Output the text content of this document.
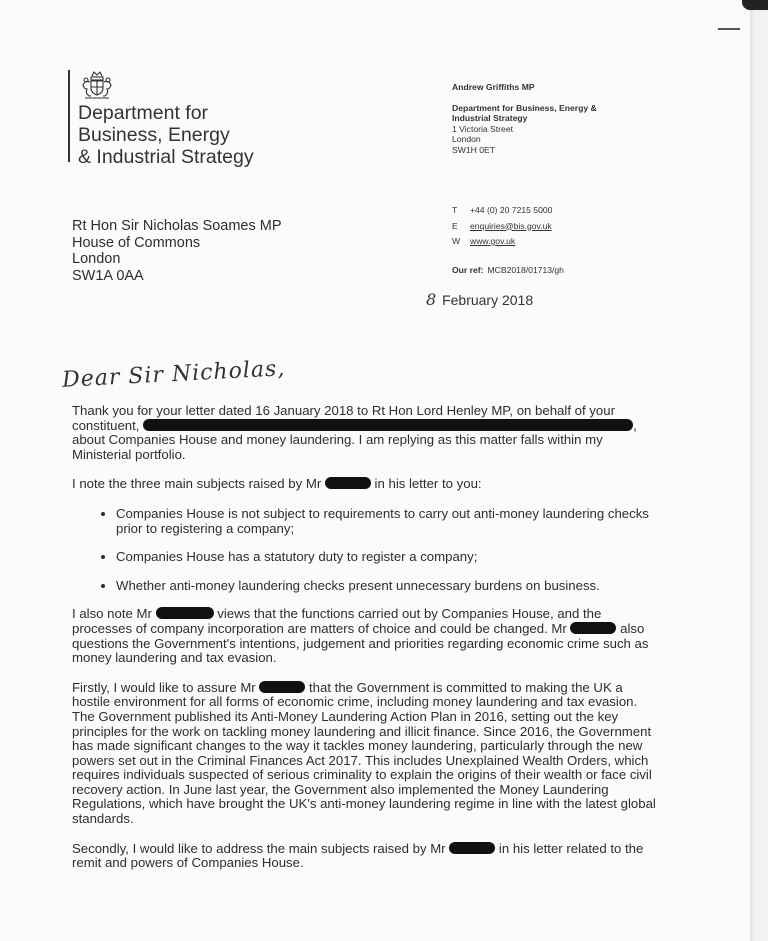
Department for
Business, Energy
& Industrial Strategy
Andrew Griffiths MP
Department for Business, Energy &
Industrial Strategy
1 Victoria Street
London
SW1H 0ET
T	+44 (0) 20 7215 5000
E	enquiries@bis.gov.uk
W	www.gov.uk
Our ref: MCB2018/01713/gh
8 February 2018
Rt Hon Sir Nicholas Soames MP
House of Commons
London
SW1A 0AA
Dear Sir Nicholas,

Thank you for your letter dated 16 January 2018 to Rt Hon Lord Henley MP, on behalf of your constituent,	, about Companies House and money laundering. I am replying as this matter falls within my Ministerial portfolio.

I note the three main subjects raised by Mr	in his letter to you:

• Companies House is not subject to requirements to carry out anti-money laundering checks prior to registering a company;
• Companies House has a statutory duty to register a company;
• Whether anti-money laundering checks present unnecessary burdens on business.

I also note Mr	views that the functions carried out by Companies House, and the processes of company incorporation are matters of choice and could be changed. Mr	also questions the Government's intentions, judgement and priorities regarding economic crime such as money laundering and tax evasion.

Firstly, I would like to assure Mr	that the Government is committed to making the UK a hostile environment for all forms of economic crime, including money laundering and tax evasion. The Government published its Anti-Money Laundering Action Plan in 2016, setting out the key principles for the work on tackling money laundering and illicit finance. Since 2016, the Government has made significant changes to the way it tackles money laundering, particularly through the new powers set out in the Criminal Finances Act 2017. This includes Unexplained Wealth Orders, which requires individuals suspected of serious criminality to explain the origins of their wealth or face civil recovery action. In June last year, the Government also implemented the Money Laundering Regulations, which have brought the UK's anti-money laundering regime in line with the latest global standards.

Secondly, I would like to address the main subjects raised by Mr	in his letter related to the remit and powers of Companies House.
